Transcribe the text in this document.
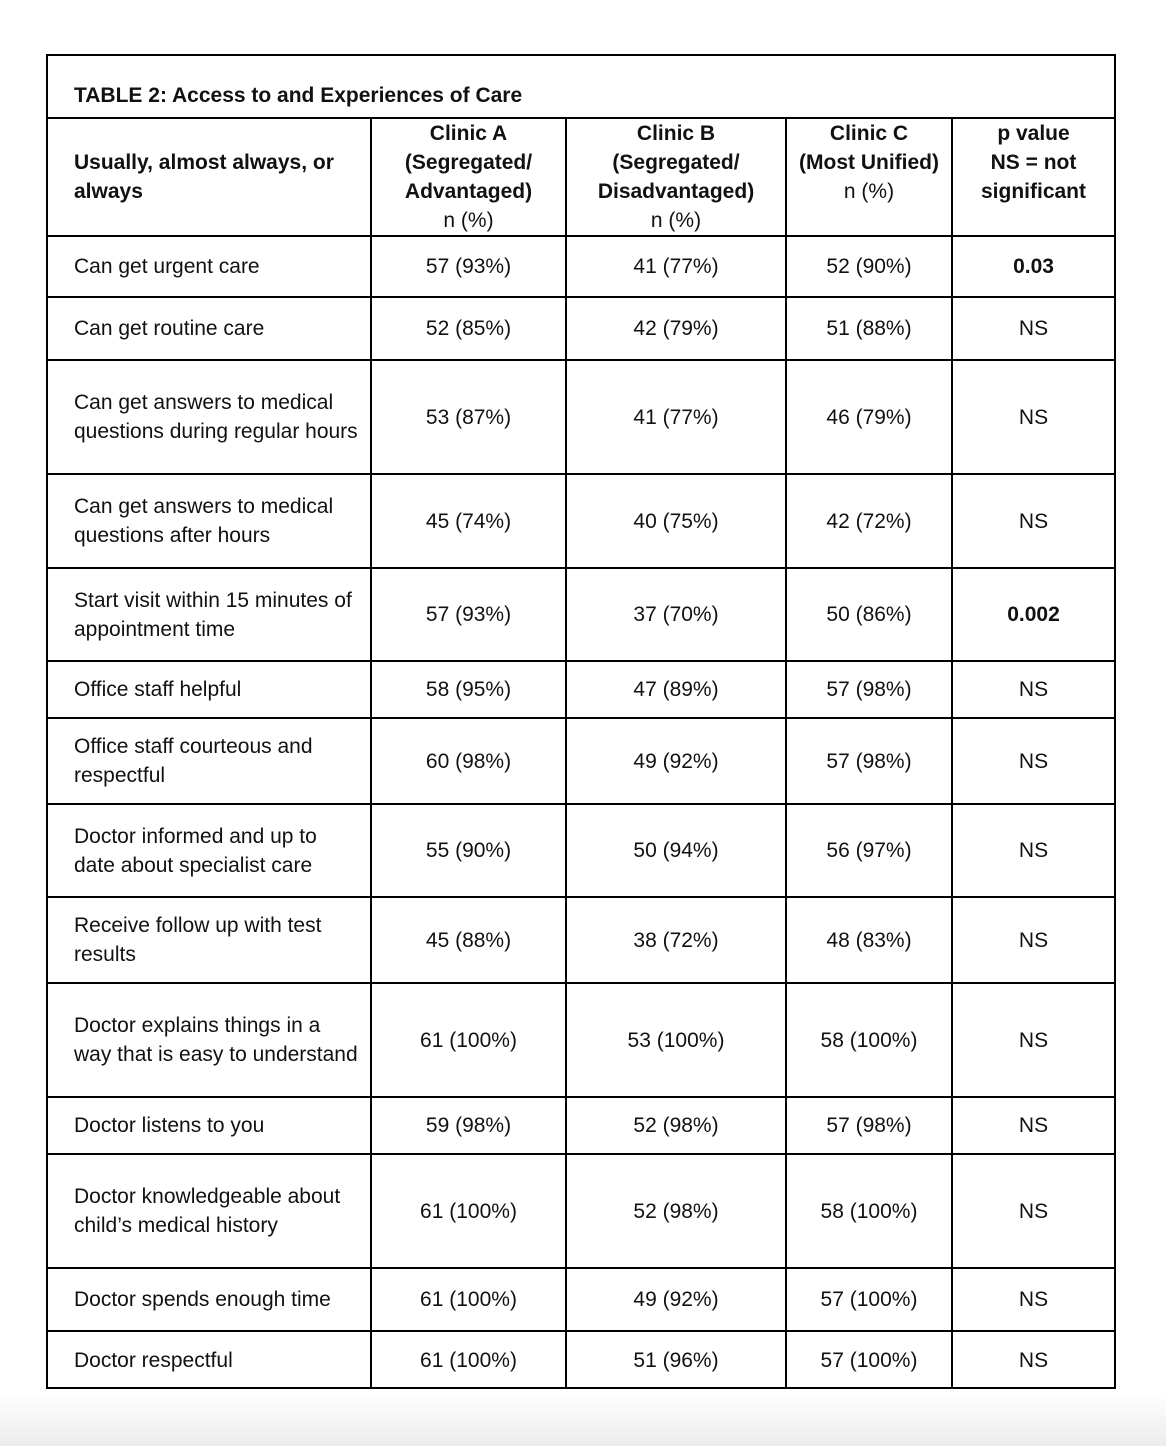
TABLE 2: Access to and Experiences of Care
Usually, almost always, or always	Clinic A
(Segregated/ Advantaged)
n (%)	Clinic B
(Segregated/ Disadvantaged)
n (%)	Clinic C
(Most Unified)
n (%)	p value
NS = not
significant

Can get urgent care	57 (93%)	41 (77%)	52 (90%)	0.03
Can get routine care	52 (85%)	42 (79%)	51 (88%)	NS
Can get answers to medical questions during regular hours	53 (87%)	41 (77%)	46 (79%)	NS
Can get answers to medical questions after hours	45 (74%)	40 (75%)	42 (72%)	NS
Start visit within 15 minutes of appointment time	57 (93%)	37 (70%)	50 (86%)	0.002
Office staff helpful	58 (95%)	47 (89%)	57 (98%)	NS
Office staff courteous and respectful	60 (98%)	49 (92%)	57 (98%)	NS
Doctor informed and up to date about specialist care	55 (90%)	50 (94%)	56 (97%)	NS
Receive follow up with test results	45 (88%)	38 (72%)	48 (83%)	NS
Doctor explains things in a way that is easy to understand	61 (100%)	53 (100%)	58 (100%)	NS
Doctor listens to you	59 (98%)	52 (98%)	57 (98%)	NS
Doctor knowledgeable about child’s medical history	61 (100%)	52 (98%)	58 (100%)	NS
Doctor spends enough time	61 (100%)	49 (92%)	57 (100%)	NS
Doctor respectful	61 (100%)	51 (96%)	57 (100%)	NS
